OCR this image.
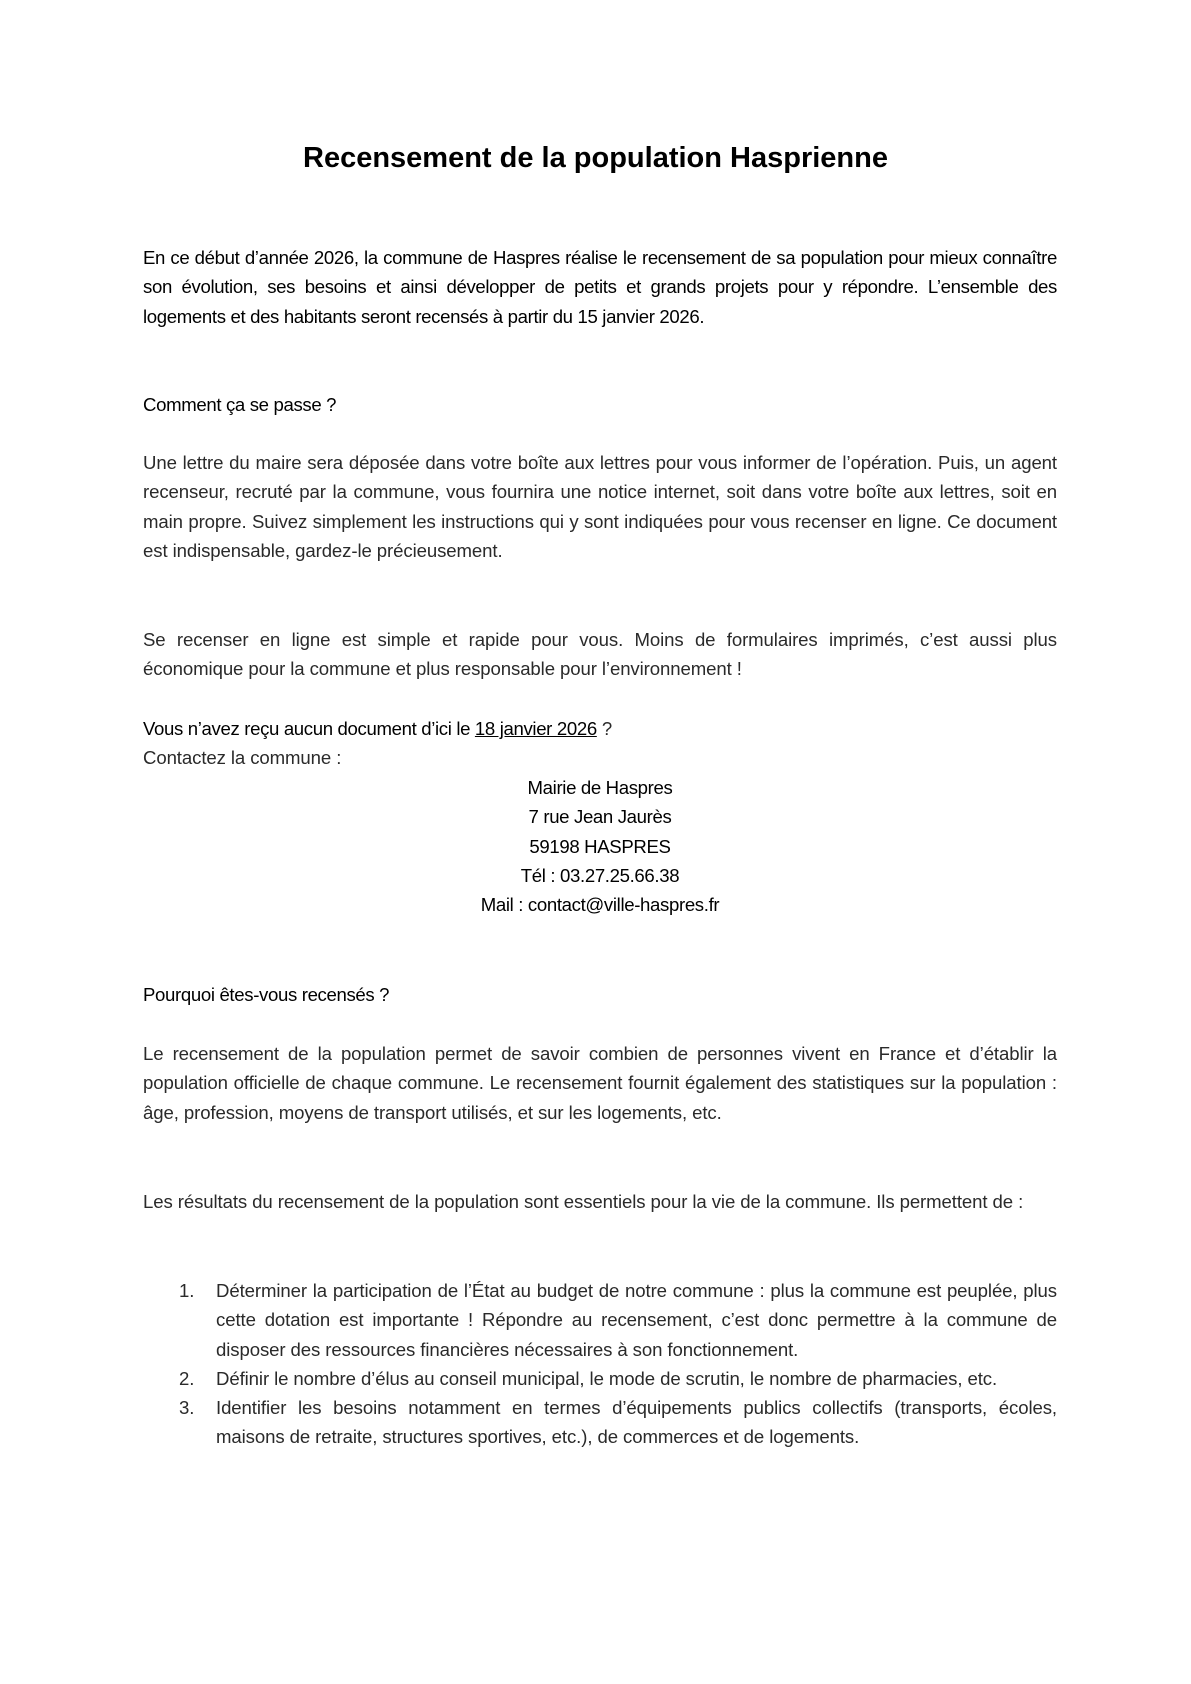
Recensement de la population Hasprienne
En ce début d’année 2026, la commune de Haspres réalise le recensement de sa population pour mieux connaître son évolution, ses besoins et ainsi développer de petits et grands projets pour y répondre. L’ensemble des logements et des habitants seront recensés à partir du 15 janvier 2026.
Comment ça se passe ?
Une lettre du maire sera déposée dans votre boîte aux lettres pour vous informer de l’opération. Puis, un agent recenseur, recruté par la commune, vous fournira une notice internet, soit dans votre boîte aux lettres, soit en main propre. Suivez simplement les instructions qui y sont indiquées pour vous recenser en ligne. Ce document est indispensable, gardez-le précieusement.
Se recenser en ligne est simple et rapide pour vous. Moins de formulaires imprimés, c’est aussi plus économique pour la commune et plus responsable pour l’environnement !
Vous n’avez reçu aucun document d’ici le 18 janvier 2026 ?
Contactez la commune :
Mairie de Haspres
7 rue Jean Jaurès
59198 HASPRES
Tél : 03.27.25.66.38
Mail : contact@ville-haspres.fr
Pourquoi êtes-vous recensés ?
Le recensement de la population permet de savoir combien de personnes vivent en France et d’établir la population officielle de chaque commune. Le recensement fournit également des statistiques sur la population : âge, profession, moyens de transport utilisés, et sur les logements, etc.
Les résultats du recensement de la population sont essentiels pour la vie de la commune. Ils permettent de :
1. Déterminer la participation de l’État au budget de notre commune : plus la commune est peuplée, plus cette dotation est importante ! Répondre au recensement, c’est donc permettre à la commune de disposer des ressources financières nécessaires à son fonctionnement.
2. Définir le nombre d’élus au conseil municipal, le mode de scrutin, le nombre de pharmacies, etc.
3. Identifier les besoins notamment en termes d’équipements publics collectifs (transports, écoles, maisons de retraite, structures sportives, etc.), de commerces et de logements.
